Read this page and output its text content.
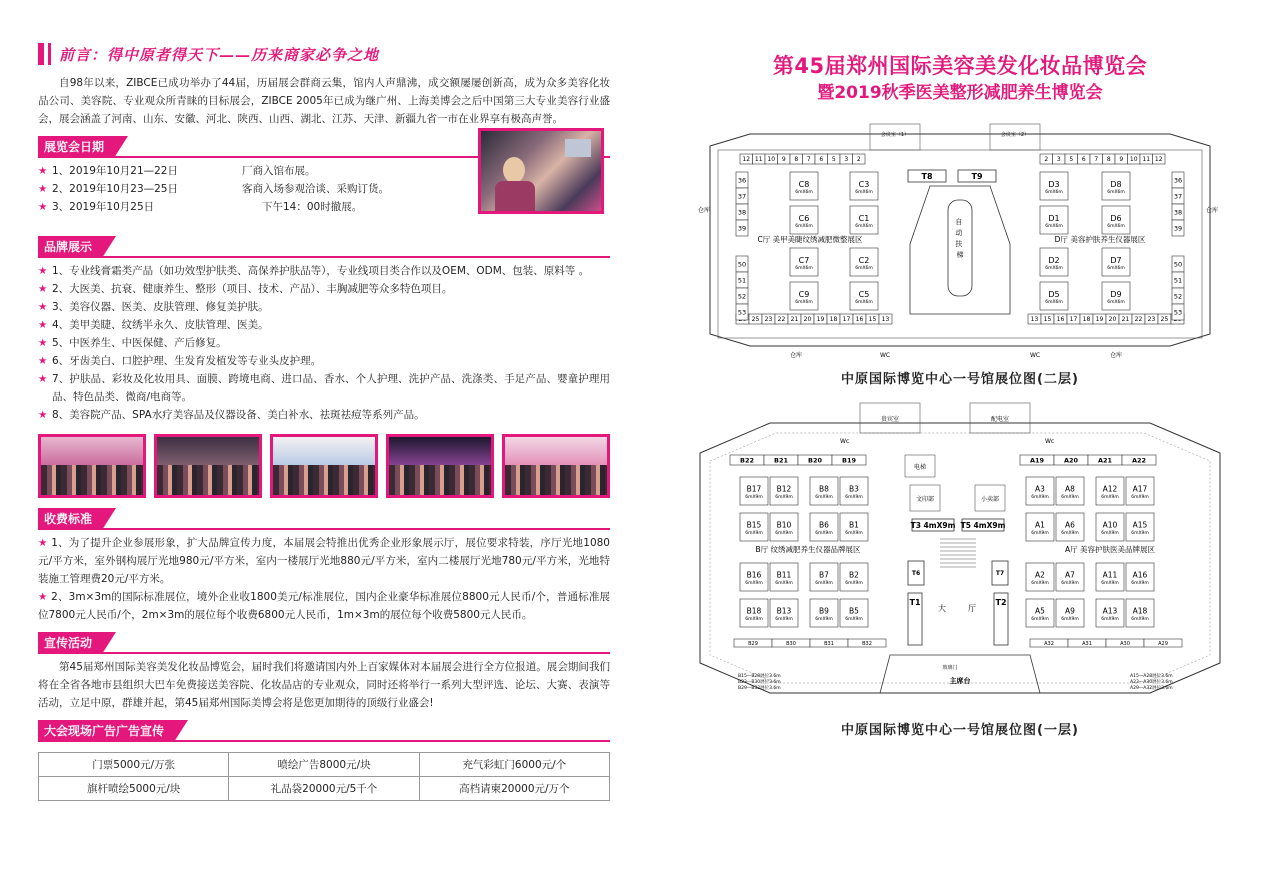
前言：得中原者得天下——历来商家必争之地
自98年以来，ZIBCE已成功举办了44届，历届展会群商云集，馆内人声鼎沸，成交额屡屡创新高，成为众多美容化妆品公司、美容院、专业观众所青睐的目标展会，ZIBCE 2005年已成为继广州、上海美博会之后中国第三大专业美容行业盛会，展会涵盖了河南、山东、安徽、河北、陕西、山西、湖北、江苏、天津、新疆九省一市在业界享有极高声誉。
展览会日期
★ 1、2019年10月21—22日	厂商入馆布展。
★ 2、2019年10月23—25日	客商入场参观洽谈、采购订货。
★ 3、2019年10月25日	下午14：00时撤展。
品牌展示
★ 1、专业线膏霜类产品（如功效型护肤类、高保养护肤品等），专业线项目类合作以及OEM、ODM、包装、原料等 。
★ 2、大医美、抗衰、健康养生、整形（项目、技术、产品）、丰胸减肥等众多特色项目。
★ 3、美容仪器、医美、皮肤管理、修复美护肤。
★ 4、美甲美睫、纹绣半永久、皮肤管理、医美。
★ 5、中医养生、中医保健、产后修复。
★ 6、牙齿美白、口腔护理、生发育发植发等专业头皮护理。
★ 7、护肤品、彩妆及化妆用具、面膜、跨境电商、进口品、香水、个人护理、洗护产品、洗涤类、手足产品、婴童护理用品、特色品类、微商/电商等。
★ 8、美容院产品、SPA水疗美容品及仪器设备、美白补水、祛斑祛痘等系列产品。
收费标准
★ 1、为了提升企业参展形象，扩大品牌宣传力度，本届展会特推出优秀企业形象展示厅，展位要求特装，序厅光地1080元/平方米，室外钢构展厅光地980元/平方米，室内一楼展厅光地880元/平方米，室内二楼展厅光地780元/平方米，光地特装施工管理费20元/平方米。
★ 2、3m×3m的国际标准展位，境外企业收1800美元/标准展位，国内企业豪华标准展位8800元人民币/个，普通标准展位7800元人民币/个，2m×3m的展位每个收费6800元人民币，1m×3m的展位每个收费5800元人民币。
宣传活动
第45届郑州国际美容美发化妆品博览会，届时我们将邀请国内外上百家媒体对本届展会进行全方位报道。展会期间我们将在全省各地市县组织大巴车免费接送美容院、化妆品店的专业观众，同时还将举行一系列大型评选、论坛、大赛、表演等活动，立足中原，群雄并起，第45届郑州国际美博会将是您更加期待的顶级行业盛会!
大会现场广告广告宣传
门票5000元/万张	喷绘广告8000元/块	充气彩虹门6000元/个
旗杆喷绘5000元/块	礼品袋20000元/5千个	高档请柬20000元/万个
第45届郑州国际美容美发化妆品博览会
暨2019秋季医美整形减肥养生博览会
会议室（1）	会议室（2）
12 11 10 9 8 7 6 5 3 2	2 3 5 6 7 8 9 10 11 12
25 23 22 21 20 19 18 17 16 15 13	13 15 16 17 18 19 20 21 22 23 25
36
37
38
39
50
51
52
53
36
37
38
39
50
51
52
53
C8
6mX6m
C6
6mX6m
C7
6mX6m
C9
6mX6m
C3
6mX6m
C1
6mX6m
C2
6mX6m
C5
6mX6m
D3
6mX6m
D1
6mX6m
D2
6mX6m
D5
6mX6m
D8
6mX6m
D6
6mX6m
D7
6mX6m
D9
6mX6m
T8	T9
自 动 扶 梯
C厅 美甲美睫纹绣减肥微整展区	D厅 美容护肤养生仪器展区
仓库	仓库
仓库	仓库
WC	WC
中原国际博览中心一号馆展位图(二层)
贵宾室	配电室
Wc	Wc
B22	B21	B20	B19	A19	A20	A21	A22
B17
6mX9m
B12
6mX9m
B8
6mX9m
B3
6mX9m
B15
6mX9m
B10
6mX9m
B6
6mX9m
B1
6mX9m
B16
6mX9m
B11
6mX9m
B7
6mX9m
B2
6mX9m
B18
6mX9m
B13
6mX9m
B9
6mX9m
B5
6mX9m
A3
6mX9m
A8
6mX9m
A12
6mX9m
A17
6mX9m
A1
6mX9m
A6
6mX9m
A10
6mX9m
A15
6mX9m
A2
6mX9m
A7
6mX9m
A11
6mX9m
A16
6mX9m
A5
6mX9m
A9
6mX9m
A13
6mX9m
A18
6mX9m
B29	B30	B31	B32	A32	A31	A30	A29
电梯
文印部	小卖部
T3 4mX9m T5 4mX9m
T6	T7
T1	T2
大	厅
B厅 纹绣减肥养生仪器品牌展区	A厅 美容护肤医美品牌展区
主席台
玻璃门
B15—B28展位3.6m B23—B30展位3.6m B29—B32展位3.6m
A15—A28展位3.6m A23—A30展位3.6m A29—A32展位3.6m
中原国际博览中心一号馆展位图(一层)
